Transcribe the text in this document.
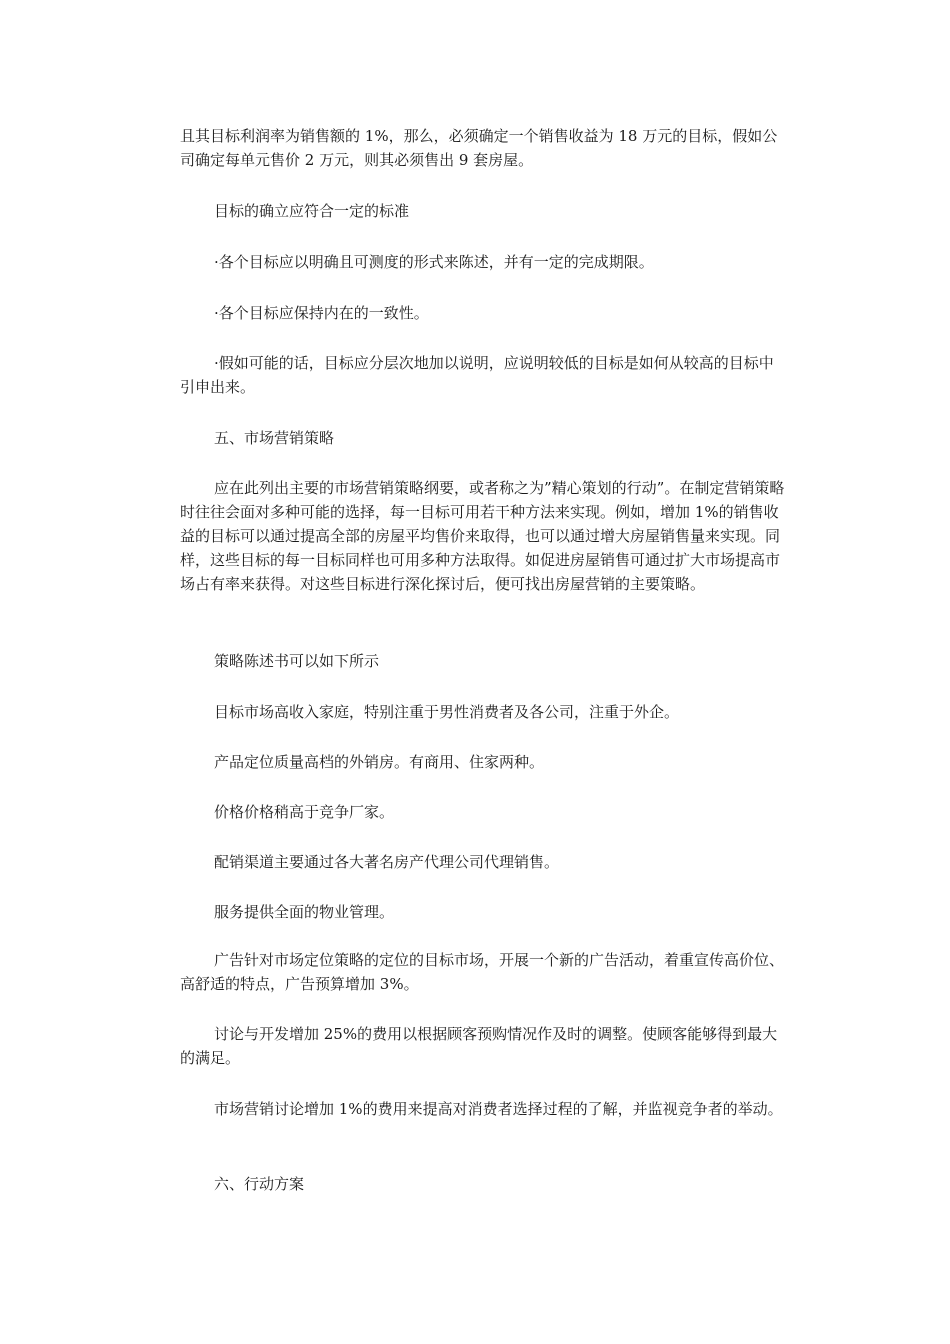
且其目标利润率为销售额的 1%，那么，必须确定一个销售收益为 18 万元的目标，假如公司确定每单元售价 2 万元，则其必须售出 9 套房屋。

目标的确立应符合一定的标准

·各个目标应以明确且可测度的形式来陈述，并有一定的完成期限。

·各个目标应保持内在的一致性。

·假如可能的话，目标应分层次地加以说明，应说明较低的目标是如何从较高的目标中引申出来。

五、市场营销策略

应在此列出主要的市场营销策略纲要，或者称之为”精心策划的行动”。在制定营销策略时往往会面对多种可能的选择，每一目标可用若干种方法来实现。例如，增加 1%的销售收益的目标可以通过提高全部的房屋平均售价来取得，也可以通过增大房屋销售量来实现。同样，这些目标的每一目标同样也可用多种方法取得。如促进房屋销售可通过扩大市场提高市场占有率来获得。对这些目标进行深化探讨后，便可找出房屋营销的主要策略。

策略陈述书可以如下所示

目标市场高收入家庭，特别注重于男性消费者及各公司，注重于外企。

产品定位质量高档的外销房。有商用、住家两种。

价格价格稍高于竞争厂家。

配销渠道主要通过各大著名房产代理公司代理销售。

服务提供全面的物业管理。

广告针对市场定位策略的定位的目标市场，开展一个新的广告活动，着重宣传高价位、高舒适的特点，广告预算增加 3%。

讨论与开发增加 25%的费用以根据顾客预购情况作及时的调整。使顾客能够得到最大的满足。

市场营销讨论增加 1%的费用来提高对消费者选择过程的了解，并监视竞争者的举动。

六、行动方案
